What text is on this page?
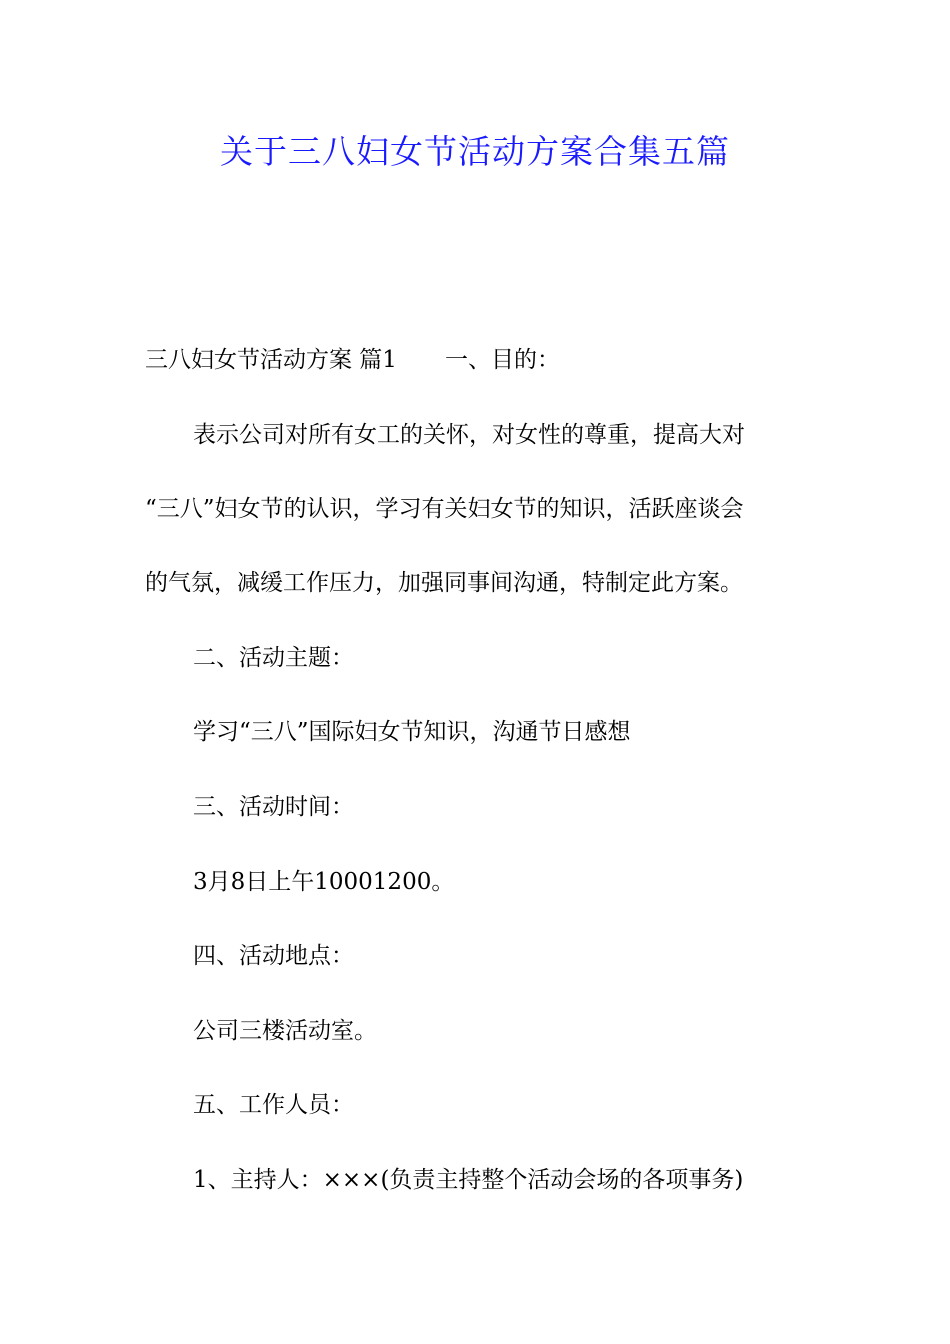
关于三八妇女节活动方案合集五篇

三八妇女节活动方案 篇1 一、目的：

表示公司对所有女工的关怀，对女性的尊重，提高大对

“三八”妇女节的认识，学习有关妇女节的知识，活跃座谈会

的气氛，减缓工作压力，加强同事间沟通，特制定此方案。

二、活动主题：

学习“三八”国际妇女节知识，沟通节日感想

三、活动时间：

3月8日上午10001200。

四、活动地点：

公司三楼活动室。

五、工作人员：

1、主持人：×××(负责主持整个活动会场的各项事务)
